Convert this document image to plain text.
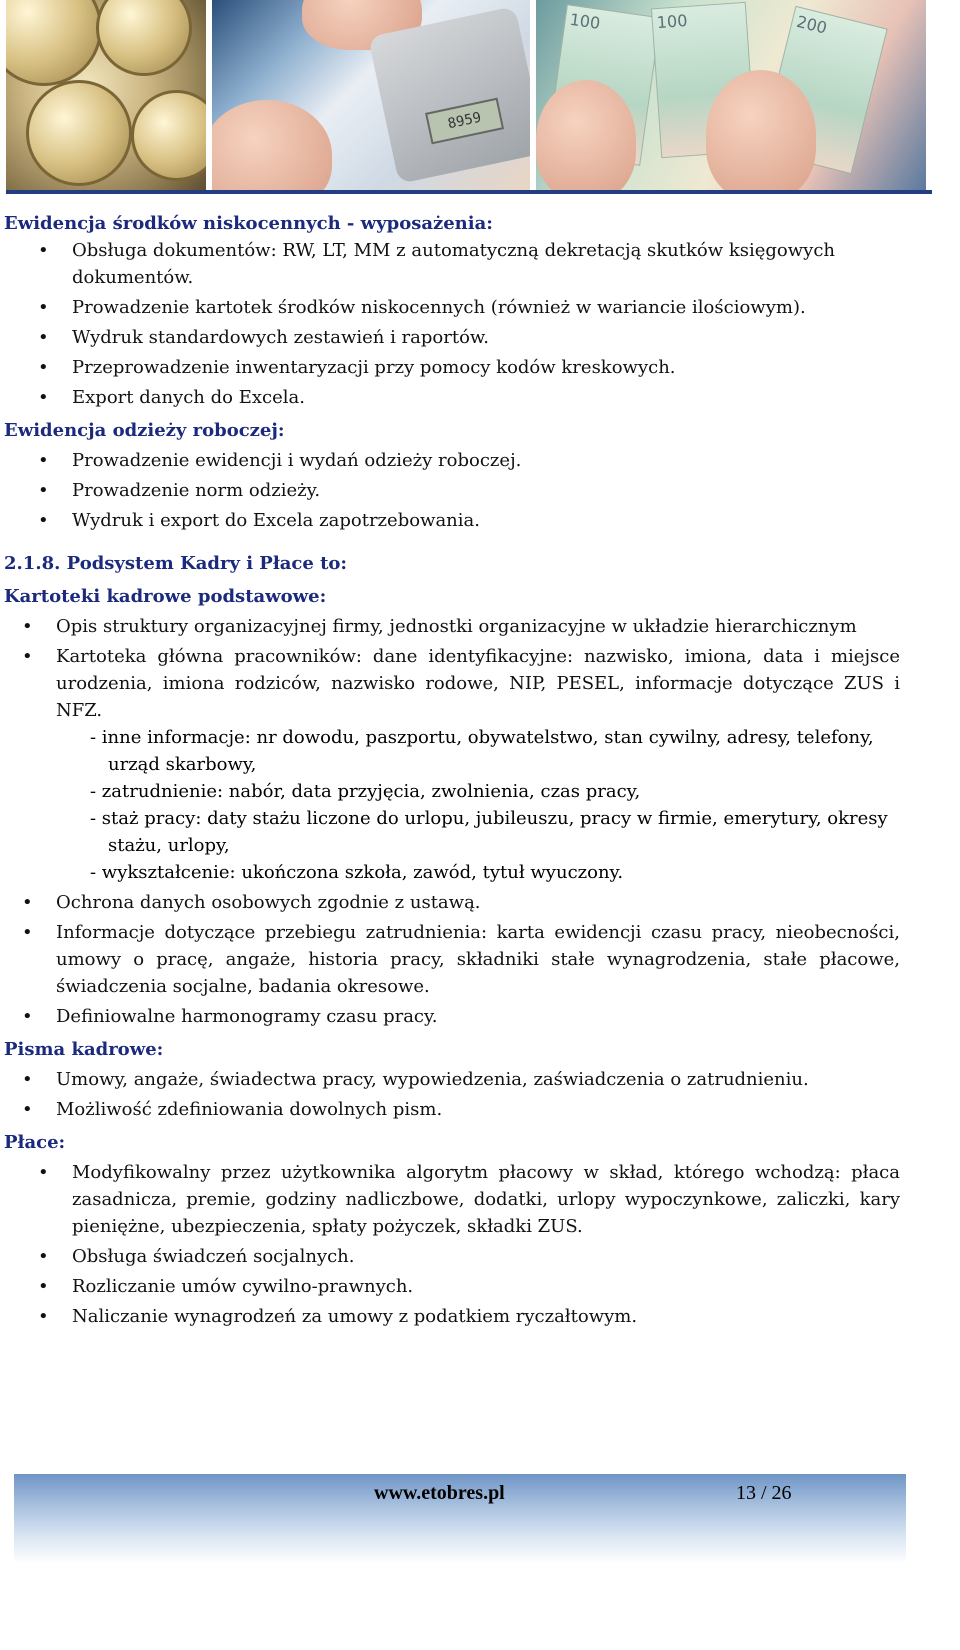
8959
100	100	200
Ewidencja środków niskocennych - wyposażenia:
• Obsługa dokumentów: RW, LT, MM z automatyczną dekretacją skutków księgowych dokumentów.
• Prowadzenie kartotek środków niskocennych (również w wariancie ilościowym).
• Wydruk standardowych zestawień i raportów.
• Przeprowadzenie inwentaryzacji przy pomocy kodów kreskowych.
• Export danych do Excela.
Ewidencja odzieży roboczej:
• Prowadzenie ewidencji i wydań odzieży roboczej.
• Prowadzenie norm odzieży.
• Wydruk i export do Excela zapotrzebowania.
2.1.8. Podsystem Kadry i Płace to:
Kartoteki kadrowe podstawowe:
• Opis struktury organizacyjnej firmy, jednostki organizacyjne w układzie hierarchicznym
• Kartoteka główna pracowników: dane identyfikacyjne: nazwisko, imiona, data i miejsce urodzenia, imiona rodziców, nazwisko rodowe, NIP, PESEL, informacje dotyczące ZUS i NFZ.
- inne informacje: nr dowodu, paszportu, obywatelstwo, stan cywilny, adresy, telefony, urząd skarbowy,
- zatrudnienie: nabór, data przyjęcia, zwolnienia, czas pracy,
- staż pracy: daty stażu liczone do urlopu, jubileuszu, pracy w firmie, emerytury, okresy stażu, urlopy,
- wykształcenie: ukończona szkoła, zawód, tytuł wyuczony.
• Ochrona danych osobowych zgodnie z ustawą.
• Informacje dotyczące przebiegu zatrudnienia: karta ewidencji czasu pracy, nieobecności, umowy o pracę, angaże, historia pracy, składniki stałe wynagrodzenia, stałe płacowe, świadczenia socjalne, badania okresowe.
• Definiowalne harmonogramy czasu pracy.
Pisma kadrowe:
• Umowy, angaże, świadectwa pracy, wypowiedzenia, zaświadczenia o zatrudnieniu.
• Możliwość zdefiniowania dowolnych pism.
Płace:
• Modyfikowalny przez użytkownika algorytm płacowy w skład, którego wchodzą: płaca zasadnicza, premie, godziny nadliczbowe, dodatki, urlopy wypoczynkowe, zaliczki, kary pieniężne, ubezpieczenia, spłaty pożyczek, składki ZUS.
• Obsługa świadczeń socjalnych.
• Rozliczanie umów cywilno-prawnych.
• Naliczanie wynagrodzeń za umowy z podatkiem ryczałtowym.
www.etobres.pl	13 / 26
